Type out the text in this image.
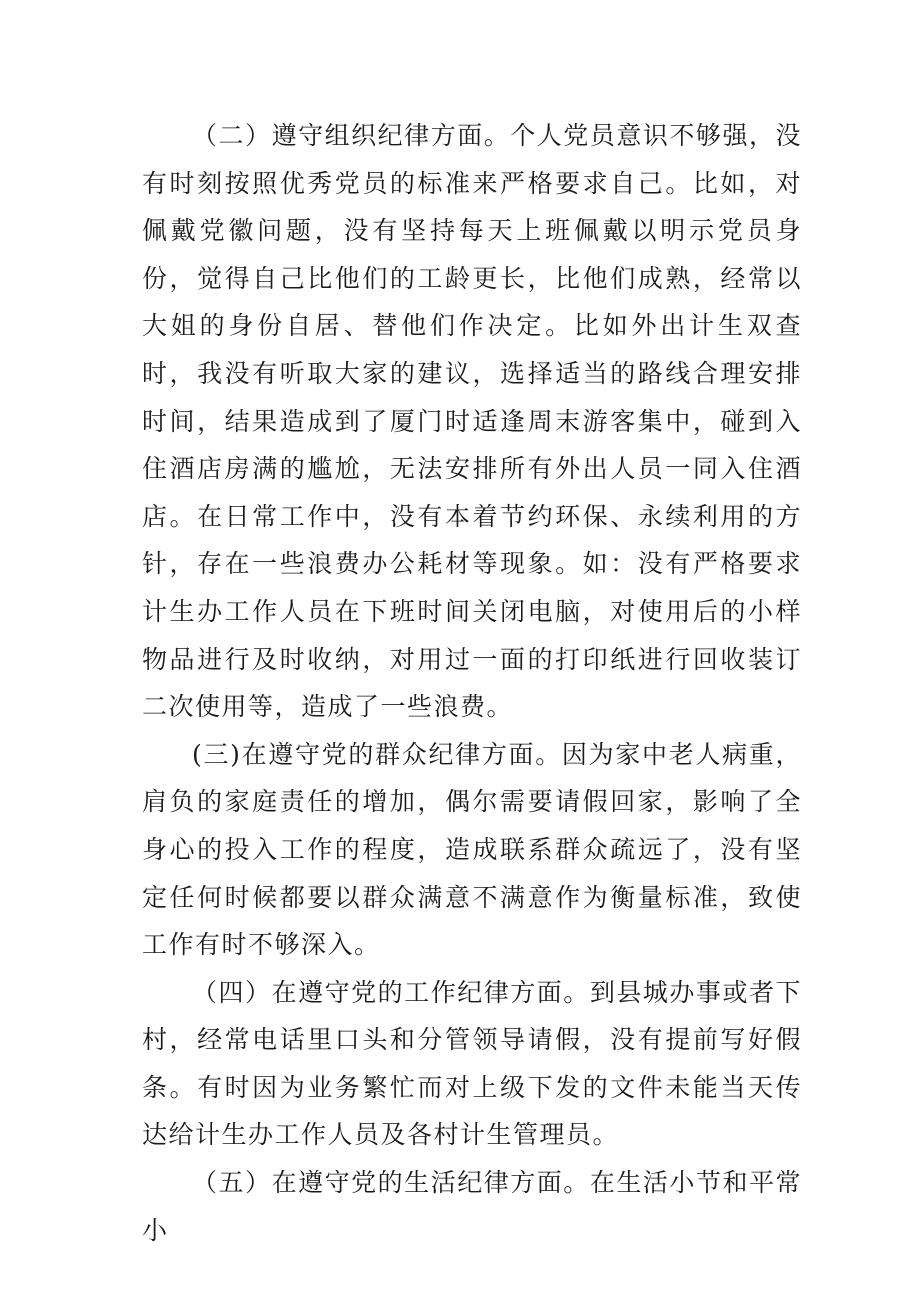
（二）遵守组织纪律方面。个人党员意识不够强，没有时刻按照优秀党员的标准来严格要求自己。比如，对佩戴党徽问题，没有坚持每天上班佩戴以明示党员身份，觉得自己比他们的工龄更长，比他们成熟，经常以大姐的身份自居、替他们作决定。比如外出计生双查时，我没有听取大家的建议，选择适当的路线合理安排时间，结果造成到了厦门时适逢周末游客集中，碰到入住酒店房满的尴尬，无法安排所有外出人员一同入住酒店。在日常工作中，没有本着节约环保、永续利用的方针，存在一些浪费办公耗材等现象。如：没有严格要求计生办工作人员在下班时间关闭电脑，对使用后的小样物品进行及时收纳，对用过一面的打印纸进行回收装订二次使用等，造成了一些浪费。

(三)在遵守党的群众纪律方面。因为家中老人病重，肩负的家庭责任的增加，偶尔需要请假回家，影响了全身心的投入工作的程度，造成联系群众疏远了，没有坚定任何时候都要以群众满意不满意作为衡量标准，致使工作有时不够深入。

（四）在遵守党的工作纪律方面。到县城办事或者下村，经常电话里口头和分管领导请假，没有提前写好假条。有时因为业务繁忙而对上级下发的文件未能当天传达给计生办工作人员及各村计生管理员。

（五）在遵守党的生活纪律方面。在生活小节和平常小
